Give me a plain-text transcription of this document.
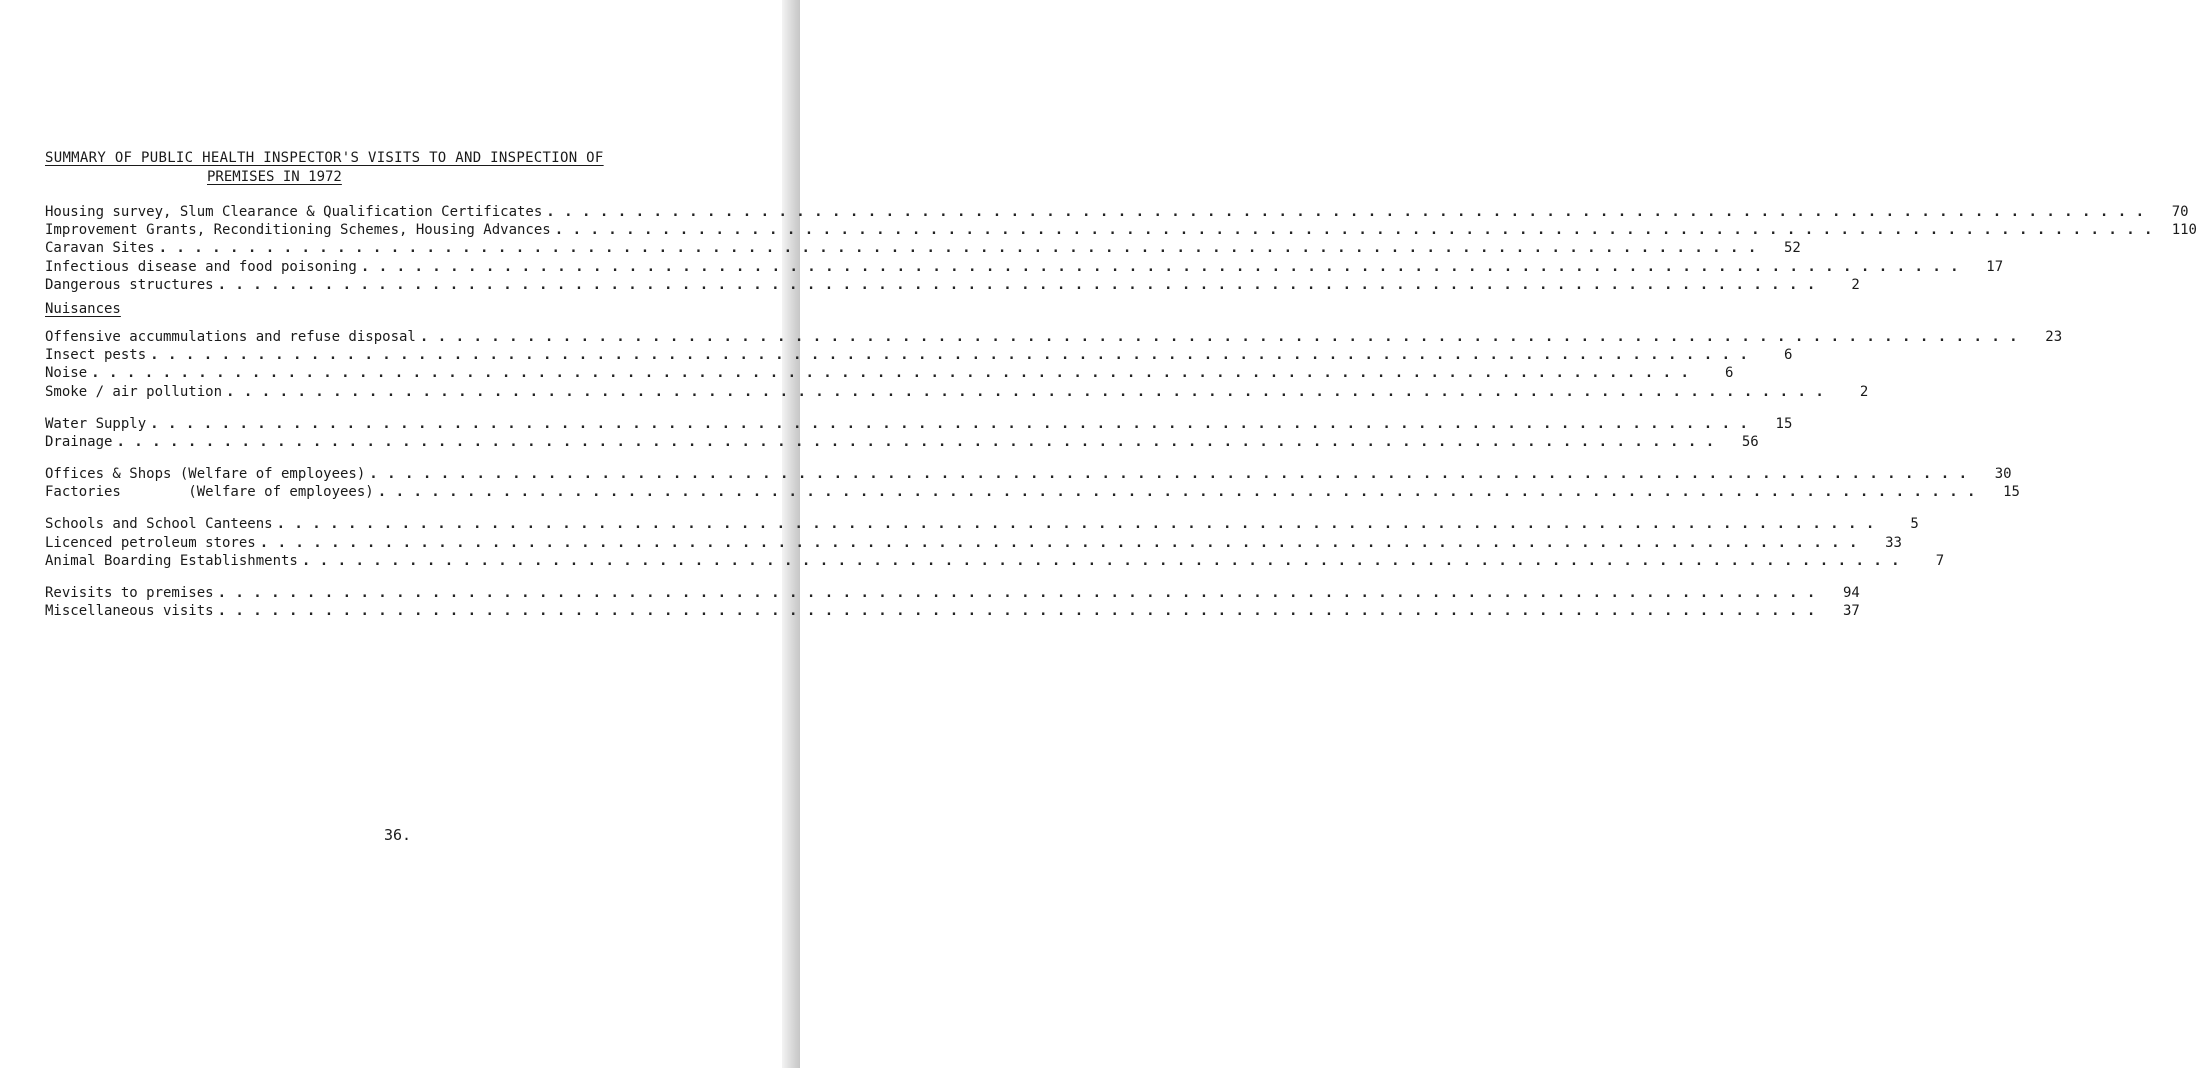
SUMMARY OF PUBLIC HEALTH INSPECTOR'S VISITS TO AND INSPECTION OF
PREMISES IN 1972
Housing survey, Slum Clearance & Qualification Certificates . . . . . . . . . . . . . . . . . . . . . . . . . . . . . . . . . . . . . . . . . . . . . . . . . . . . . . . . . . . . . . . . . . . . . . . . . . . . . . . . . . . . . . . . . .	70
Improvement Grants, Reconditioning Schemes, Housing Advances . . . . . . . . . . . . . . . . . . . . . . . . . . . . . . . . . . . . . . . . . . . . . . . . . . . . . . . . . . . . . . . . . . . . . . . . . . . . . . . . . . . . . . . . . .	110
Caravan Sites . . . . . . . . . . . . . . . . . . . . . . . . . . . . . . . . . . . . . . . . . . . . . . . . . . . . . . . . . . . . . . . . . . . . . . . . . . . . . . . . . . . . . . . . . .	52
Infectious disease and food poisoning . . . . . . . . . . . . . . . . . . . . . . . . . . . . . . . . . . . . . . . . . . . . . . . . . . . . . . . . . . . . . . . . . . . . . . . . . . . . . . . . . . . . . . . . . .	17
Dangerous structures . . . . . . . . . . . . . . . . . . . . . . . . . . . . . . . . . . . . . . . . . . . . . . . . . . . . . . . . . . . . . . . . . . . . . . . . . . . . . . . . . . . . . . . . . .	2
Nuisances
Offensive accummulations and refuse disposal . . . . . . . . . . . . . . . . . . . . . . . . . . . . . . . . . . . . . . . . . . . . . . . . . . . . . . . . . . . . . . . . . . . . . . . . . . . . . . . . . . . . . . . . . .	23
Insect pests . . . . . . . . . . . . . . . . . . . . . . . . . . . . . . . . . . . . . . . . . . . . . . . . . . . . . . . . . . . . . . . . . . . . . . . . . . . . . . . . . . . . . . . . . .	6
Noise . . . . . . . . . . . . . . . . . . . . . . . . . . . . . . . . . . . . . . . . . . . . . . . . . . . . . . . . . . . . . . . . . . . . . . . . . . . . . . . . . . . . . . . . . .	6
Smoke / air pollution . . . . . . . . . . . . . . . . . . . . . . . . . . . . . . . . . . . . . . . . . . . . . . . . . . . . . . . . . . . . . . . . . . . . . . . . . . . . . . . . . . . . . . . . . .	2
Water Supply . . . . . . . . . . . . . . . . . . . . . . . . . . . . . . . . . . . . . . . . . . . . . . . . . . . . . . . . . . . . . . . . . . . . . . . . . . . . . . . . . . . . . . . . . .	15
Drainage . . . . . . . . . . . . . . . . . . . . . . . . . . . . . . . . . . . . . . . . . . . . . . . . . . . . . . . . . . . . . . . . . . . . . . . . . . . . . . . . . . . . . . . . . .	56
Offices & Shops (Welfare of employees) . . . . . . . . . . . . . . . . . . . . . . . . . . . . . . . . . . . . . . . . . . . . . . . . . . . . . . . . . . . . . . . . . . . . . . . . . . . . . . . . . . . . . . . . . .	30
Factories        (Welfare of employees) . . . . . . . . . . . . . . . . . . . . . . . . . . . . . . . . . . . . . . . . . . . . . . . . . . . . . . . . . . . . . . . . . . . . . . . . . . . . . . . . . . . . . . . . . .	15
Schools and School Canteens . . . . . . . . . . . . . . . . . . . . . . . . . . . . . . . . . . . . . . . . . . . . . . . . . . . . . . . . . . . . . . . . . . . . . . . . . . . . . . . . . . . . . . . . . .	5
Licenced petroleum stores . . . . . . . . . . . . . . . . . . . . . . . . . . . . . . . . . . . . . . . . . . . . . . . . . . . . . . . . . . . . . . . . . . . . . . . . . . . . . . . . . . . . . . . . . .	33
Animal Boarding Establishments . . . . . . . . . . . . . . . . . . . . . . . . . . . . . . . . . . . . . . . . . . . . . . . . . . . . . . . . . . . . . . . . . . . . . . . . . . . . . . . . . . . . . . . . . .	7
Revisits to premises . . . . . . . . . . . . . . . . . . . . . . . . . . . . . . . . . . . . . . . . . . . . . . . . . . . . . . . . . . . . . . . . . . . . . . . . . . . . . . . . . . . . . . . . . .	94
Miscellaneous visits . . . . . . . . . . . . . . . . . . . . . . . . . . . . . . . . . . . . . . . . . . . . . . . . . . . . . . . . . . . . . . . . . . . . . . . . . . . . . . . . . . . . . . . . . .	37
36.
